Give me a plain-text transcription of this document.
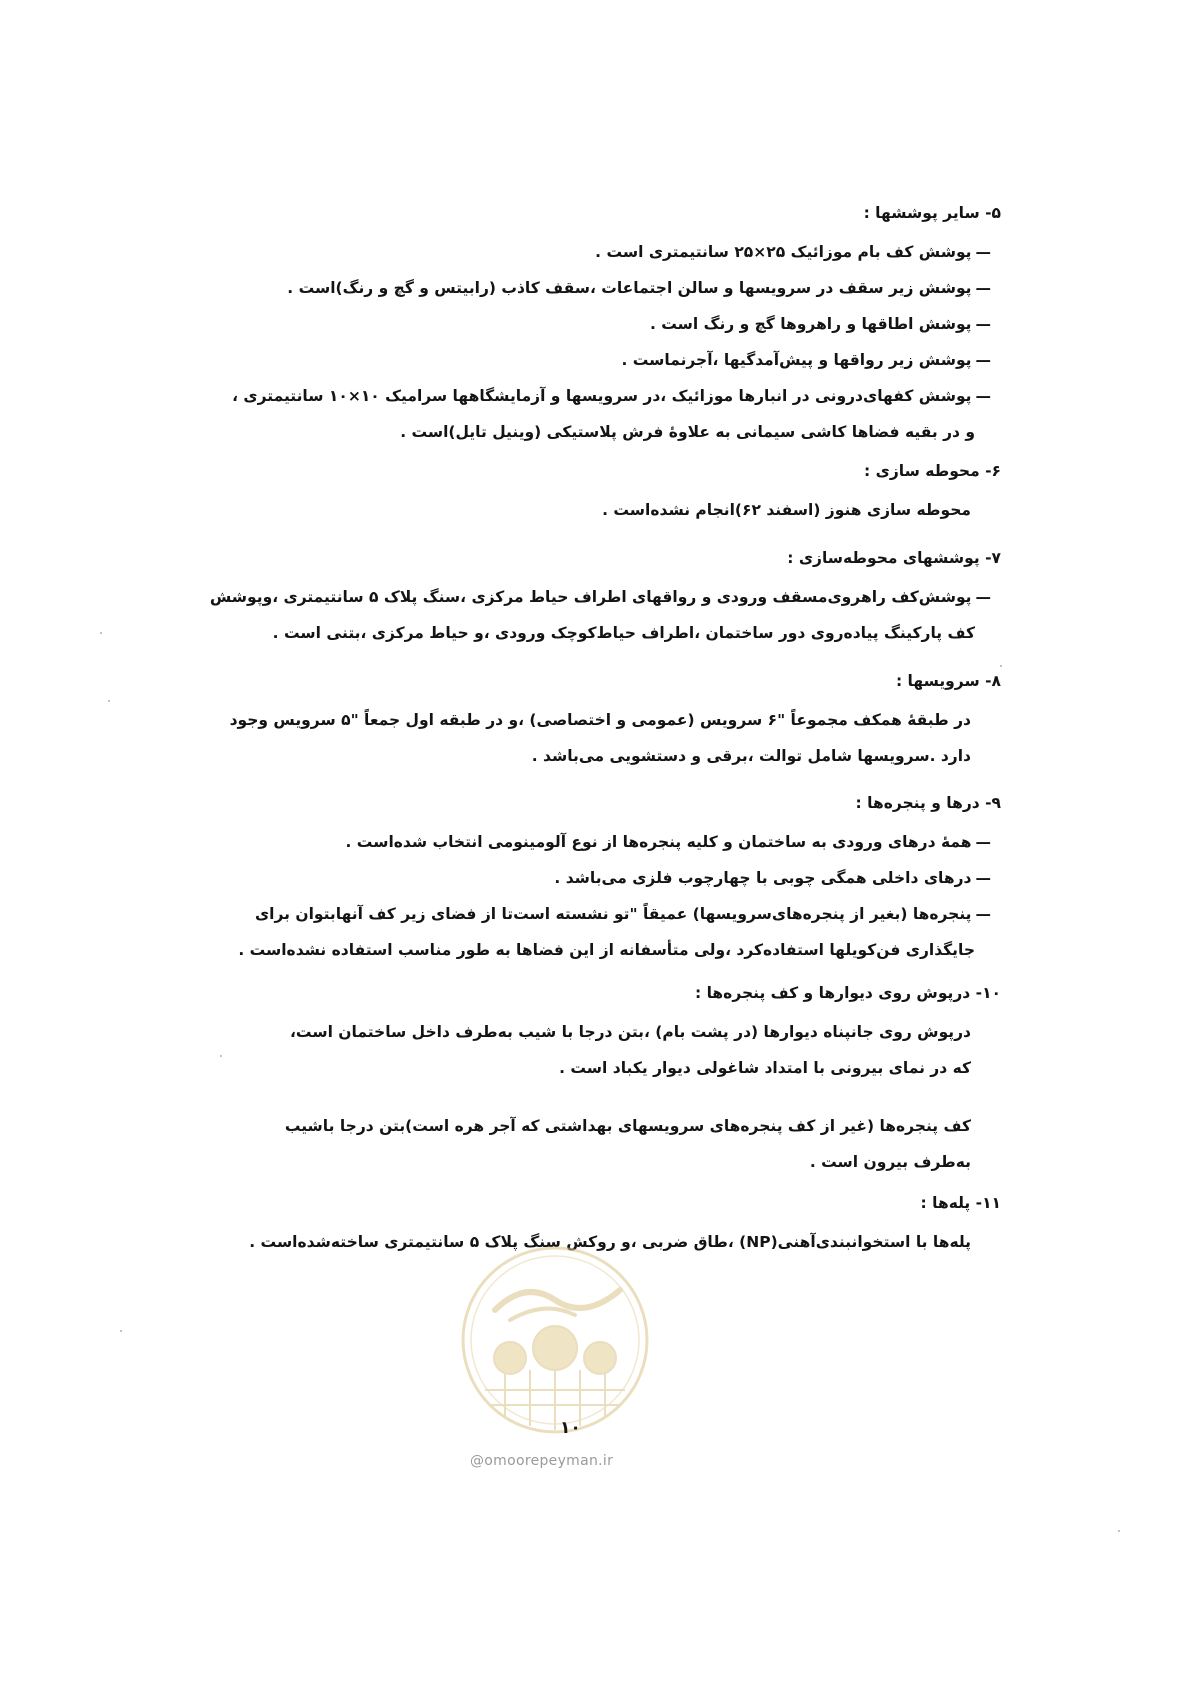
۵- سایر پوششها :
— پوشش کف بام موزائیک ۲۵×۲۵ سانتیمتری است .
— پوشش زیر سقف در سرویسها و سالن اجتماعات ،سقف کاذب (رابیتس و گچ و رنگ)است .
— پوشش اطاقها و راهروها گچ و رنگ است .
— پوشش زیر رواقها و پیش‌آمدگیها ،آجرنماست .
— پوشش کفهای‌درونی در انبارها موزائیک ،در سرویسها و آزمایشگاهها سرامیک ۱۰×۱۰ سانتیمتری ،
و در بقیه فضاها کاشی سیمانی به علاوه‌ٔ فرش پلاستیکی (وینیل تایل)است .
۶- محوطه سازی :
محوطه سازی هنوز (اسفند ۶۲)انجام نشده‌است .
۷- پوششهای محوطه‌سازی :
— پوشش‌کف راهروی‌مسقف ورودی و رواقهای اطراف حیاط مرکزی ،سنگ پلاک ۵ سانتیمتری ،وپوشش
کف پارکینگ پیاده‌روی دور ساختمان ،اطراف حیاط‌کوچک ورودی ،و حیاط مرکزی ،بتنی است .
۸- سرویسها :
در طبقه‌ٔ همکف مجموعاً "۶ سرویس (عمومی و اختصاصی) ،و در طبقه اول جمعاً "۵ سرویس وجود
دارد .سرویسها شامل توالت ،برقی و دستشویی می‌باشد .
۹- درها و پنجره‌ها :
— همه‌ٔ درهای ورودی به ساختمان و کلیه پنجره‌ها از نوع آلومینومی انتخاب شده‌است .
— درهای داخلی همگی چوبی با چهارچوب فلزی می‌باشد .
— پنجره‌ها (بغیر از پنجره‌های‌سرویسها) عمیقاً "تو نشسته است‌تا از فضای زیر کف آنها‌بتوان برای
جایگذاری فن‌کویلها استفاده‌کرد ،ولی متأسفانه از این فضاها به طور مناسب استفاده نشده‌است .
۱۰- درپوش روی دیوارها و کف پنجره‌ها :
درپوش روی جانپناه دیوارها (در پشت بام) ،بتن درجا با شیب به‌طرف داخل ساختمان است،
که در نمای بیرونی با امتداد شاغولی دیوار یکباد است .
کف پنجره‌ها (غیر از کف پنجره‌های سرویسهای بهداشتی که آجر هره است)بتن درجا باشیب
به‌طرف بیرون است .
۱۱- پله‌ها :
پله‌ها با استخوانبندی‌آهنی(NP) ،طاق ضربی ،و روکش سنگ پلاک ۵ سانتیمتری ساخته‌شده‌است .
۱۰
@omoorepeyman.ir
